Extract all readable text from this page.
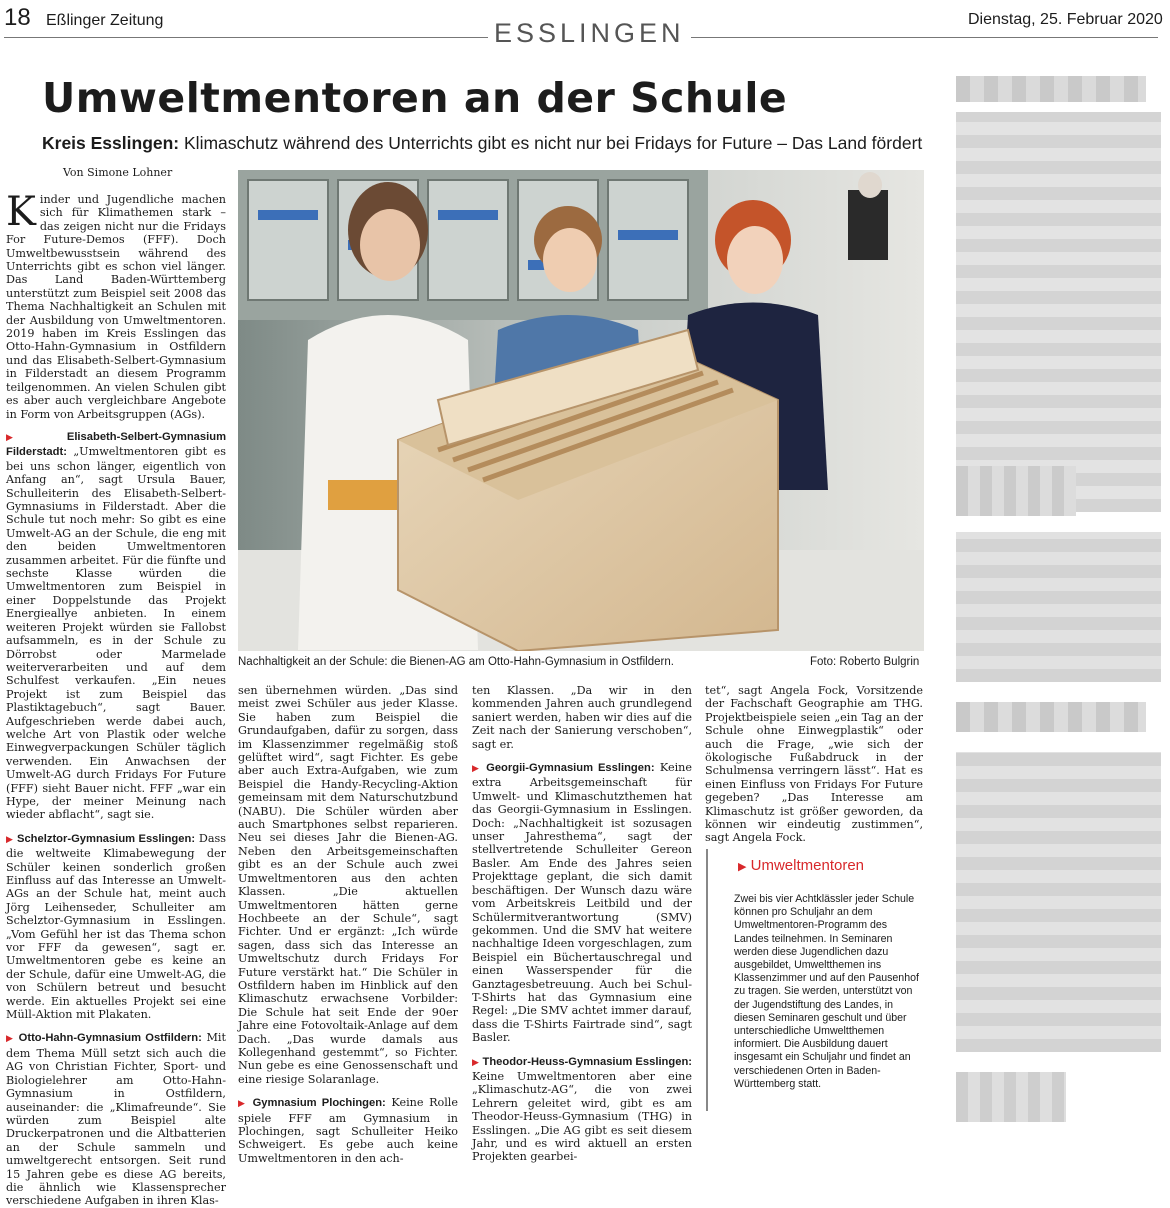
18 Eßlinger Zeitung	ESSLINGEN	Dienstag, 25. Februar 2020
Umweltmentoren an der Schule
Kreis Esslingen: Klimaschutz während des Unterrichts gibt es nicht nur bei Fridays for Future – Das Land fördert
Von Simone Lohner
Nachhaltigkeit an der Schule: die Bienen-AG am Otto-Hahn-Gymnasium in Ostfildern.	Foto: Roberto Bulgrin

Kinder und Jugendliche machen sich für Klimathemen stark – das zeigen nicht nur die Fridays For Future-Demos (FFF). Doch Umweltbewusstsein während des Unterrichts gibt es schon viel länger. Das Land Baden-Württemberg unterstützt zum Beispiel seit 2008 das Thema Nachhaltigkeit an Schulen mit der Ausbildung von Umweltmentoren. 2019 haben im Kreis Esslingen das Otto-Hahn-Gymnasium in Ostfildern und das Elisabeth-Selbert-Gymnasium in Filderstadt an diesem Programm teilgenommen. An vielen Schulen gibt es aber auch vergleichbare Angebote in Form von Arbeitsgruppen (AGs).

▶	Elisabeth-Selbert-Gymnasium Filderstadt: „Umweltmentoren gibt es bei uns schon länger, eigentlich von Anfang an“, sagt Ursula Bauer, Schulleiterin des Elisabeth-Selbert-Gymnasiums in Filderstadt. Aber die Schule tut noch mehr: So gibt es eine Umwelt-AG an der Schule, die eng mit den beiden Umweltmentoren zusammen arbeitet. Für die fünfte und sechste Klasse würden die Umweltmentoren zum Beispiel in einer Doppelstunde das Projekt Energieallye anbieten. In einem weiteren Projekt würden sie Fallobst aufsammeln, es in der Schule zu Dörrobst oder Marmelade weiterverarbeiten und auf dem Schulfest verkaufen. „Ein neues Projekt ist zum Beispiel das Plastiktagebuch“, sagt Bauer. Aufgeschrieben werde dabei auch, welche Art von Plastik oder welche Einwegverpackungen Schüler täglich verwenden. Ein Anwachsen der Umwelt-AG durch Fridays For Future (FFF) sieht Bauer nicht. FFF „war ein Hype, der meiner Meinung nach wieder abflacht“, sagt sie.

▶ Schelztor-Gymnasium Esslingen: Dass die weltweite Klimabewegung der Schüler keinen sonderlich großen Einfluss auf das Interesse an Umwelt-AGs an der Schule hat, meint auch Jörg Leihenseder, Schulleiter am Schelztor-Gymnasium in Esslingen. „Vom Gefühl her ist das Thema schon vor FFF da gewesen“, sagt er. Umweltmentoren gebe es keine an der Schule, dafür eine Umwelt-AG, die von Schülern betreut und besucht werde. Ein aktuelles Projekt sei eine Müll-Aktion mit Plakaten.

▶ Otto-Hahn-Gymnasium Ostfildern: Mit dem Thema Müll setzt sich auch die AG von Christian Fichter, Sport- und Biologielehrer am Otto-Hahn-Gymnasium in Ostfildern, auseinander: die „Klimafreunde“. Sie würden zum Beispiel alte Druckerpatronen und die Altbatterien an der Schule sammeln und umweltgerecht entsorgen. Seit rund 15 Jahren gebe es diese AG bereits, die ähnlich wie Klassensprecher verschiedene Aufgaben in ihren Klas-

sen übernehmen würden. „Das sind meist zwei Schüler aus jeder Klasse. Sie haben zum Beispiel die Grundaufgaben, dafür zu sorgen, dass im Klassenzimmer regelmäßig stoß gelüftet wird“, sagt Fichter. Es gebe aber auch Extra-Aufgaben, wie zum Beispiel die Handy-Recycling-Aktion gemeinsam mit dem Naturschutzbund (NABU). Die Schüler würden aber auch Smartphones selbst reparieren. Neu sei dieses Jahr die Bienen-AG. Neben den Arbeitsgemeinschaften gibt es an der Schule auch zwei Umweltmentoren aus den achten Klassen. „Die aktuellen Umweltmentoren hätten gerne Hochbeete an der Schule“, sagt Fichter. Und er ergänzt: „Ich würde sagen, dass sich das Interesse an Umweltschutz durch Fridays For Future verstärkt hat.“ Die Schüler in Ostfildern haben im Hinblick auf den Klimaschutz erwachsene Vorbilder: Die Schule hat seit Ende der 90er Jahre eine Fotovoltaik-Anlage auf dem Dach. „Das wurde damals aus Kollegenhand gestemmt“, so Fichter. Nun gebe es eine Genossenschaft und eine riesige Solaranlage.

▶ Gymnasium Plochingen: Keine Rolle spiele FFF am Gymnasium in Plochingen, sagt Schulleiter Heiko Schweigert. Es gebe auch keine Umweltmentoren in den ach-

ten Klassen. „Da wir in den kommenden Jahren auch grundlegend saniert werden, haben wir dies auf die Zeit nach der Sanierung verschoben“, sagt er.

▶ Georgii-Gymnasium Esslingen: Keine extra Arbeitsgemeinschaft für Umwelt- und Klimaschutzthemen hat das Georgii-Gymnasium in Esslingen. Doch: „Nachhaltigkeit ist sozusagen unser Jahresthema“, sagt der stellvertretende Schulleiter Gereon Basler. Am Ende des Jahres seien Projekttage geplant, die sich damit beschäftigen. Der Wunsch dazu wäre vom Arbeitskreis Leitbild und der Schülermitverantwortung (SMV) gekommen. Und die SMV hat weitere nachhaltige Ideen vorgeschlagen, zum Beispiel ein Büchertauschregal und einen Wasserspender für die Ganztagesbetreuung. Auch bei Schul-T-Shirts hat das Gymnasium eine Regel: „Die SMV achtet immer darauf, dass die T-Shirts Fairtrade sind“, sagt Basler.

▶ Theodor-Heuss-Gymnasium Esslingen: Keine Umweltmentoren aber eine „Klimaschutz-AG“, die von zwei Lehrern geleitet wird, gibt es am Theodor-Heuss-Gymnasium (THG) in Esslingen. „Die AG gibt es seit diesem Jahr, und es wird aktuell an ersten Projekten gearbei-

tet“, sagt Angela Fock, Vorsitzende der Fachschaft Geographie am THG. Projektbeispiele seien „ein Tag an der Schule ohne Einwegplastik“ oder auch die Frage, „wie sich der ökologische Fußabdruck in der Schulmensa verringern lässt“. Hat es einen Einfluss von Fridays For Future gegeben? „Das Interesse am Klimaschutz ist größer geworden, da können wir eindeutig zustimmen“, sagt Angela Fock.

▶ Umweltmentoren
Zwei bis vier Achtklässler jeder Schule können pro Schuljahr an dem Umweltmentoren-Programm des Landes teilnehmen. In Seminaren werden diese Jugendlichen dazu ausgebildet, Umweltthemen ins Klassenzimmer und auf den Pausenhof zu tragen. Sie werden, unterstützt von der Jugendstiftung des Landes, in diesen Seminaren geschult und über unterschiedliche Umweltthemen informiert. Die Ausbildung dauert insgesamt ein Schuljahr und findet an verschiedenen Orten in Baden-Württemberg statt.
